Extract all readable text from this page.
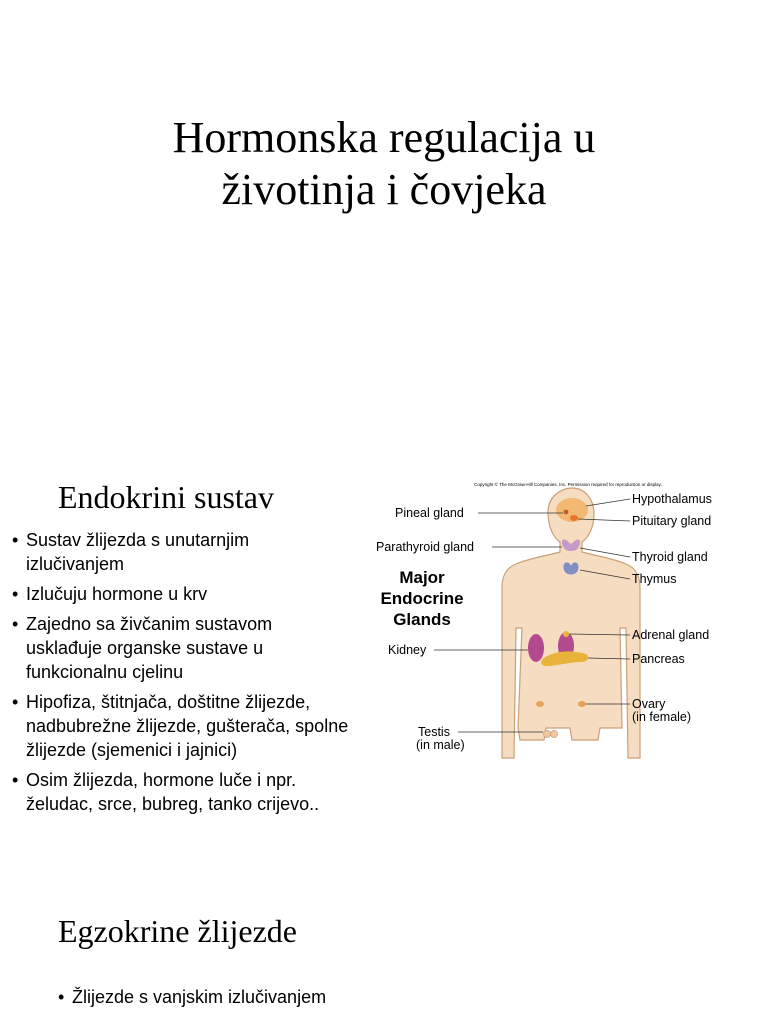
Hormonska regulacija u
životinja i čovjeka
Endokrini sustav
• Sustav žlijezda s unutarnjim izlučivanjem
• Izlučuju hormone u krv
• Zajedno sa živčanim sustavom usklađuje organske sustave u funkcionalnu cjelinu
• Hipofiza, štitnjača, doštitne žlijezde, nadbubrežne žlijezde, gušterača, spolne žlijezde (sjemenici i jajnici)
• Osim žlijezda, hormone luče i npr. želudac, srce, bubreg, tanko crijevo..
Copyright © The McGraw-Hill Companies, Inc. Permission required for reproduction or display.
Major
Endocrine
Glands
Pineal gland
Parathyroid gland
Kidney
Testis
(in male)
Hypothalamus
Pituitary gland
Thyroid gland
Thymus
Adrenal gland
Pancreas
Ovary
(in female)
Egzokrine žlijezde
• Žlijezde s vanjskim izlučivanjem
